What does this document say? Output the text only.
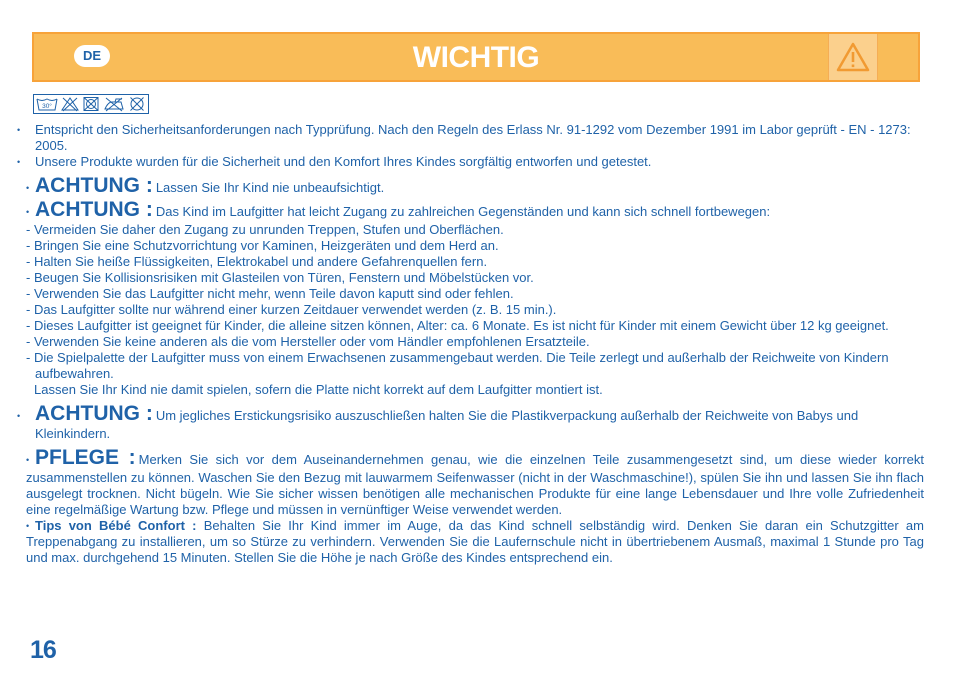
DE	WICHTIG
30°

• Entspricht den Sicherheitsanforderungen nach Typprüfung. Nach den Regeln des Erlass Nr. 91-1292 vom Dezember 1991 im Labor geprüft - EN - 1273: 2005.

• Unsere Produkte wurden für die Sicherheit und den Komfort Ihres Kindes sorgfältig entworfen und getestet.

• ACHTUNG : Lassen Sie Ihr Kind nie unbeaufsichtigt.

• ACHTUNG : Das Kind im Laufgitter hat leicht Zugang zu zahlreichen Gegenständen und kann sich schnell fortbewegen:

- Vermeiden Sie daher den Zugang zu unrunden Treppen, Stufen und Oberflächen.

- Bringen Sie eine Schutzvorrichtung vor Kaminen, Heizgeräten und dem Herd an.

- Halten Sie heiße Flüssigkeiten, Elektrokabel und andere Gefahrenquellen fern.

- Beugen Sie Kollisionsrisiken mit Glasteilen von Türen, Fenstern und Möbelstücken vor.

- Verwenden Sie das Laufgitter nicht mehr, wenn Teile davon kaputt sind oder fehlen.

- Das Laufgitter sollte nur während einer kurzen Zeitdauer verwendet werden (z. B. 15 min.).

- Dieses Laufgitter ist geeignet für Kinder, die alleine sitzen können, Alter: ca. 6 Monate. Es ist nicht für Kinder mit einem Gewicht über 12 kg geeignet.

- Verwenden Sie keine anderen als die vom Hersteller oder vom Händler empfohlenen Ersatzteile.

- Die Spielpalette der Laufgitter muss von einem Erwachsenen zusammengebaut werden. Die Teile zerlegt und außerhalb der Reichweite von Kindern aufbewahren.

Lassen Sie Ihr Kind nie damit spielen, sofern die Platte nicht korrekt auf dem Laufgitter montiert ist.

• ACHTUNG : Um jegliches Erstickungsrisiko auszuschließen halten Sie die Plastikverpackung außerhalb der Reichweite von Babys und Kleinkindern.

• PFLEGE : Merken Sie sich vor dem Auseinandernehmen genau, wie die einzelnen Teile zusammengesetzt sind, um diese wieder korrekt zusammenstellen zu können. Waschen Sie den Bezug mit lauwarmem Seifenwasser (nicht in der Waschmaschine!), spülen Sie ihn und lassen Sie ihn flach ausgelegt trocknen. Nicht bügeln. Wie Sie sicher wissen benötigen alle mechanischen Produkte für eine lange Lebensdauer und Ihre volle Zufriedenheit eine regelmäßige Wartung bzw. Pflege und müssen in vernünftiger Weise verwendet werden.

• Tips von Bébé Confort : Behalten Sie Ihr Kind immer im Auge, da das Kind schnell selbständig wird. Denken Sie daran ein Schutzgitter am Treppenabgang zu installieren, um so Stürze zu verhindern. Verwenden Sie die Laufernschule nicht in übertriebenem Ausmaß, maximal 1 Stunde pro Tag und max. durchgehend 15 Minuten. Stellen Sie die Höhe je nach Größe des Kindes entsprechend ein.

16
